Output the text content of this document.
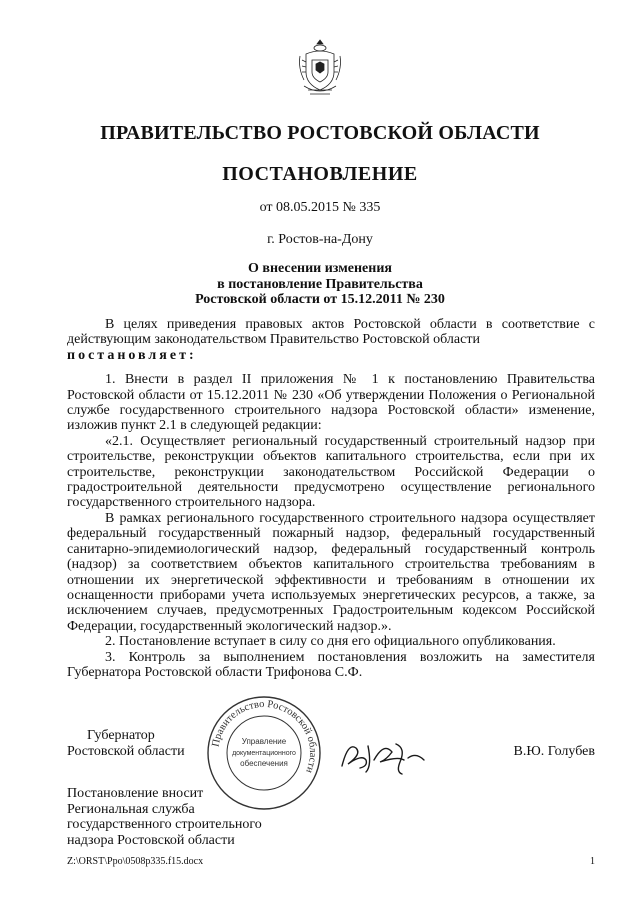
ПРАВИТЕЛЬСТВО РОСТОВСКОЙ ОБЛАСТИ
ПОСТАНОВЛЕНИЕ
от 08.05.2015 № 335
г. Ростов-на-Дону
О внесении изменения
в постановление Правительства
Ростовской области от 15.12.2011 № 230

В целях приведения правовых актов Ростовской области в соответствие с действующим законодательством Правительство Ростовской области

постановляет:

1. Внести в раздел II приложения № 1 к постановлению Правительства Ростовской области от 15.12.2011 № 230 «Об утверждении Положения о Региональной службе государственного строительного надзора Ростовской области» изменение, изложив пункт 2.1 в следующей редакции:

«2.1. Осуществляет региональный государственный строительный надзор при строительстве, реконструкции объектов капитального строительства, если при их строительстве, реконструкции законодательством Российской Федерации о градостроительной деятельности предусмотрено осуществление регионального государственного строительного надзора.

В рамках регионального государственного строительного надзора осуществляет федеральный государственный пожарный надзор, федеральный государственный санитарно-эпидемиологический надзор, федеральный государственный контроль (надзор) за соответствием объектов капитального строительства требованиям в отношении их энергетической эффективности и требованиям в отношении их оснащенности приборами учета используемых энергетических ресурсов, а также, за исключением случаев, предусмотренных Градостроительным кодексом Российской Федерации, государственный экологический надзор.».

2. Постановление вступает в силу со дня его официального опубликования.

3. Контроль за выполнением постановления возложить на заместителя Губернатора Ростовской области Трифонова С.Ф.

Губернатор
Ростовской области	В.Ю. Голубев
Правительство Ростовской области
Управление
документационного
обеспечения
Постановление вносит
Региональная служба
государственного строительного
надзора Ростовской области
Z:\ORST\Ppo\0508p335.f15.docx	1
